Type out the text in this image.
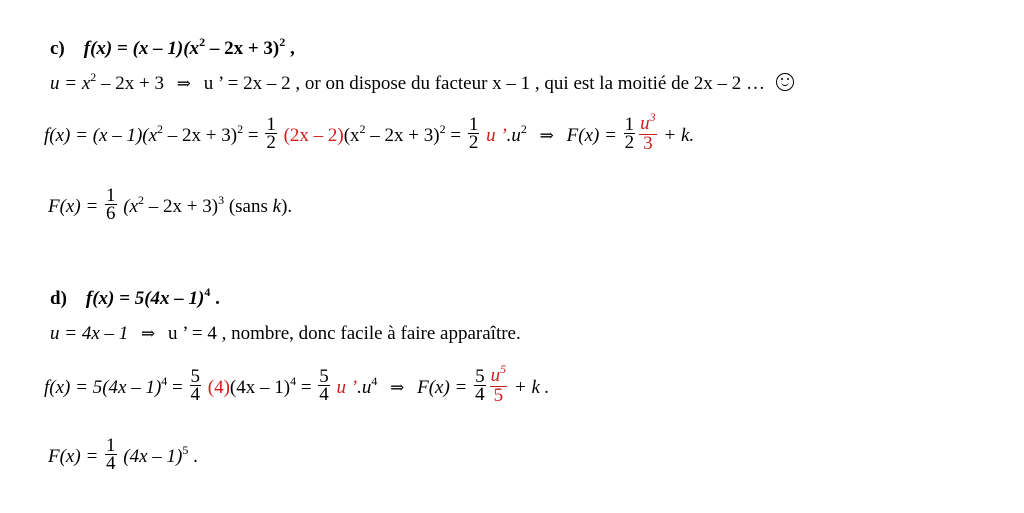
c) $f(x) = (x - 1)(x^2 - 2x + 3)^2$ ,
$u = x^2 - 2x + 3$ ⇒ u ’ = 2x – 2 , or on dispose du facteur x – 1 , qui est la moitié de 2x – 2 …
$f(x) = (x - 1)(x^2 - 2x + 3)^2 = \frac{1}{2} (2x - 2)(x^2 - 2x + 3)^2 = \frac{1}{2}$ u $’.u^2$ ⇒ $F(x) = \frac{1}{2} \frac{u^3}{3} + k$.
$F(x) = \frac{1}{6} (x^2 - 2x + 3)^3$ (sans k).
d) f(x) = 5(4x – 1)$^4$ .
u = 4x – 1 ⇒ u ’ = 4 , nombre, donc facile à faire apparaître.
$f(x) = 5(4x - 1)^4 = \frac{5}{4} (4)(4x - 1)^4 = \frac{5}{4}$ u $’.u^4$ ⇒ $F(x) = \frac{5}{4} \frac{u^5}{5} + k$ .
$F(x) = \frac{1}{4} (4x - 1)^5$ .
